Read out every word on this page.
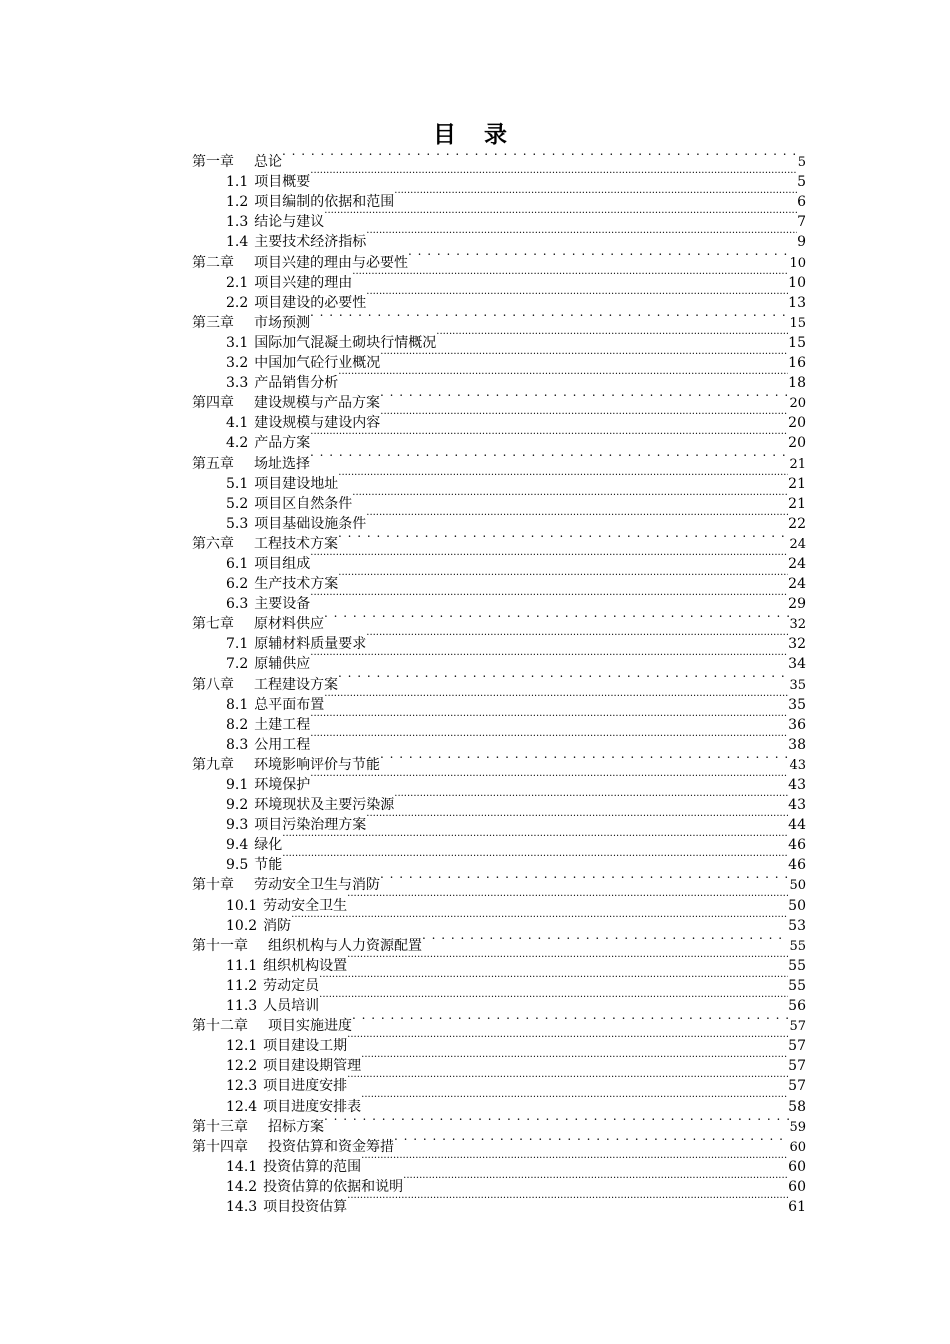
目 录
第一章	总论 . . .	5
1.1 项目概要 .....	5
1.2 项目编制的依据和范围 .....	6
1.3 结论与建议 .....	7
1.4 主要技术经济指标 .....	9
第二章	项目兴建的理由与必要性 . . .	10
2.1 项目兴建的理由 .....	10
2.2 项目建设的必要性 .....	13
第三章	市场预测 . . .	15
3.1 国际加气混凝土砌块行情概况 .....	15
3.2 中国加气砼行业概况 .....	16
3.3 产品销售分析 .....	18
第四章	建设规模与产品方案 . . .	20
4.1 建设规模与建设内容 .....	20
4.2 产品方案 .....	20
第五章	场址选择 . . .	21
5.1 项目建设地址 .....	21
5.2 项目区自然条件 .....	21
5.3 项目基础设施条件 .....	22
第六章	工程技术方案 . . .	24
6.1 项目组成 .....	24
6.2 生产技术方案 .....	24
6.3 主要设备 .....	29
第七章	原材料供应 . . .	32
7.1 原辅材料质量要求 .....	32
7.2 原辅供应 .....	34
第八章	工程建设方案 . . .	35
8.1 总平面布置 .....	35
8.2 土建工程 .....	36
8.3 公用工程 .....	38
第九章	环境影响评价与节能 . . .	43
9.1 环境保护 .....	43
9.2 环境现状及主要污染源 .....	43
9.3 项目污染治理方案 .....	44
9.4 绿化 .....	46
9.5 节能 .....	46
第十章	劳动安全卫生与消防 . . .	50
10.1 劳动安全卫生 .....	50
10.2 消防 .....	53
第十一章	组织机构与人力资源配置 . . .	55
11.1 组织机构设置 .....	55
11.2 劳动定员 .....	55
11.3 人员培训 .....	56
第十二章	项目实施进度 . . .	57
12.1 项目建设工期 .....	57
12.2 项目建设期管理 .....	57
12.3 项目进度安排 .....	57
12.4 项目进度安排表 .....	58
第十三章	招标方案 . . .	59
第十四章	投资估算和资金筹措 . . .	60
14.1 投资估算的范围 .....	60
14.2 投资估算的依据和说明 .....	60
14.3 项目投资估算 .....	61
